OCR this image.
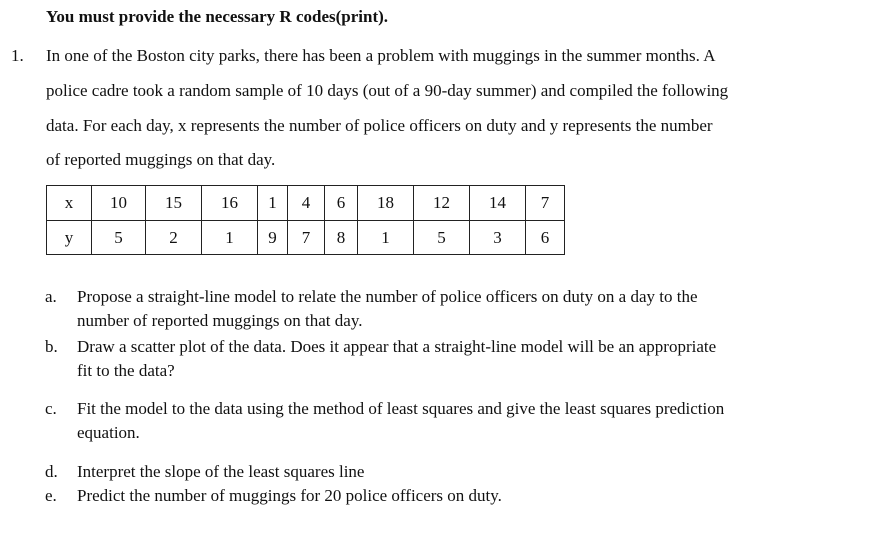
You must provide the necessary R codes(print).
1. In one of the Boston city parks, there has been a problem with muggings in the summer months. A
police cadre took a random sample of 10 days (out of a 90-day summer) and compiled the following
data. For each day, x represents the number of police officers on duty and y represents the number
of reported muggings on that day.
x	10	15	16	1	4	6	18	12	14	7
y	5	2	1	9	7	8	1	5	3	6
a. Propose a straight-line model to relate the number of police officers on duty on a day to the
number of reported muggings on that day.
b. Draw a scatter plot of the data. Does it appear that a straight-line model will be an appropriate
fit to the data?
c. Fit the model to the data using the method of least squares and give the least squares prediction
equation.
d. Interpret the slope of the least squares line
e. Predict the number of muggings for 20 police officers on duty.
